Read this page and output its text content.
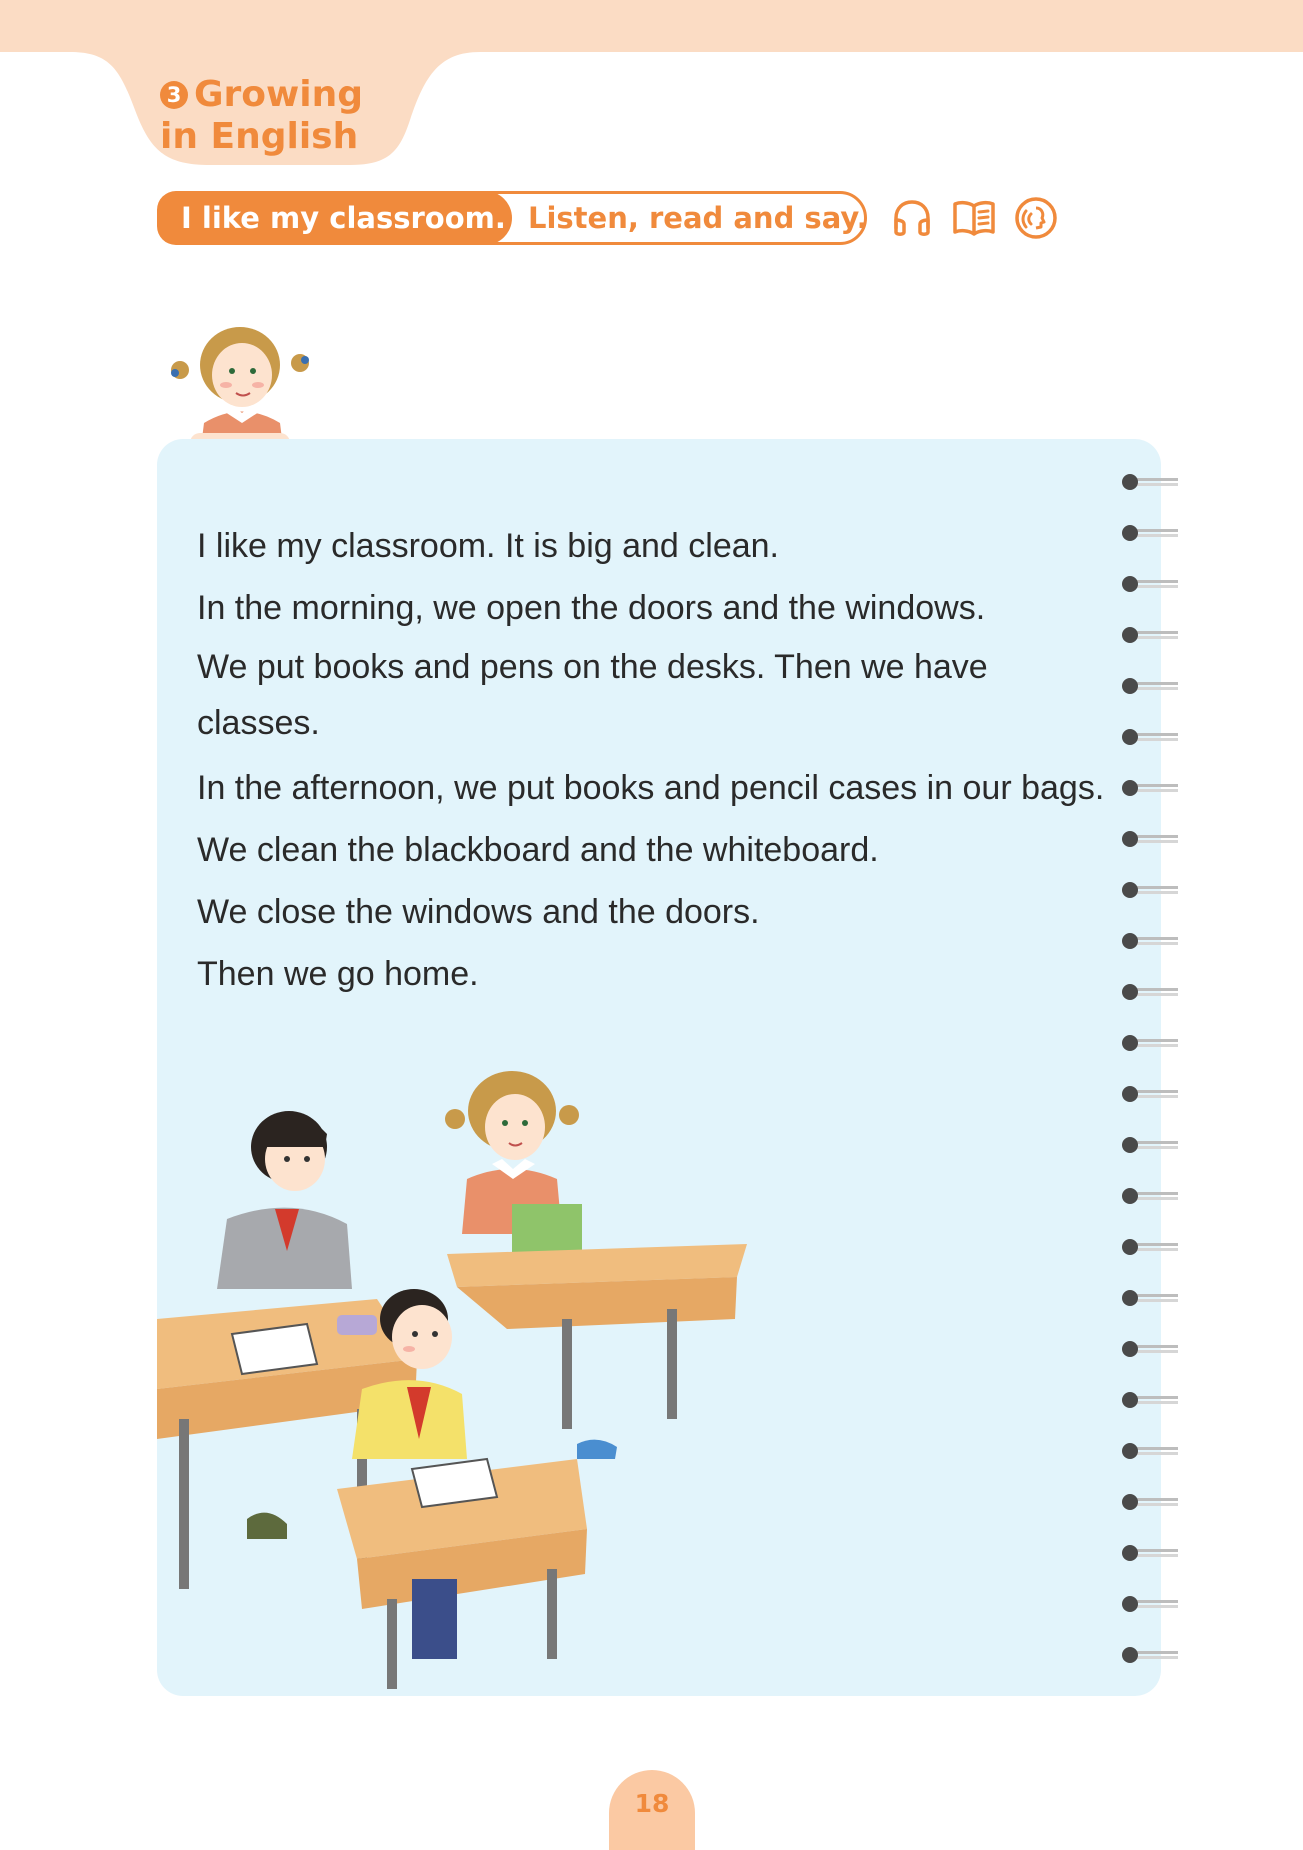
3 Growing
in English
I like my classroom. Listen, read and say.
I like my classroom. It is big and clean.
In the morning, we open the doors and the windows.
We put books and pens on the desks. Then we have classes.
In the afternoon, we put books and pencil cases in our bags.
We clean the blackboard and the whiteboard.
We close the windows and the doors.
Then we go home.
18
